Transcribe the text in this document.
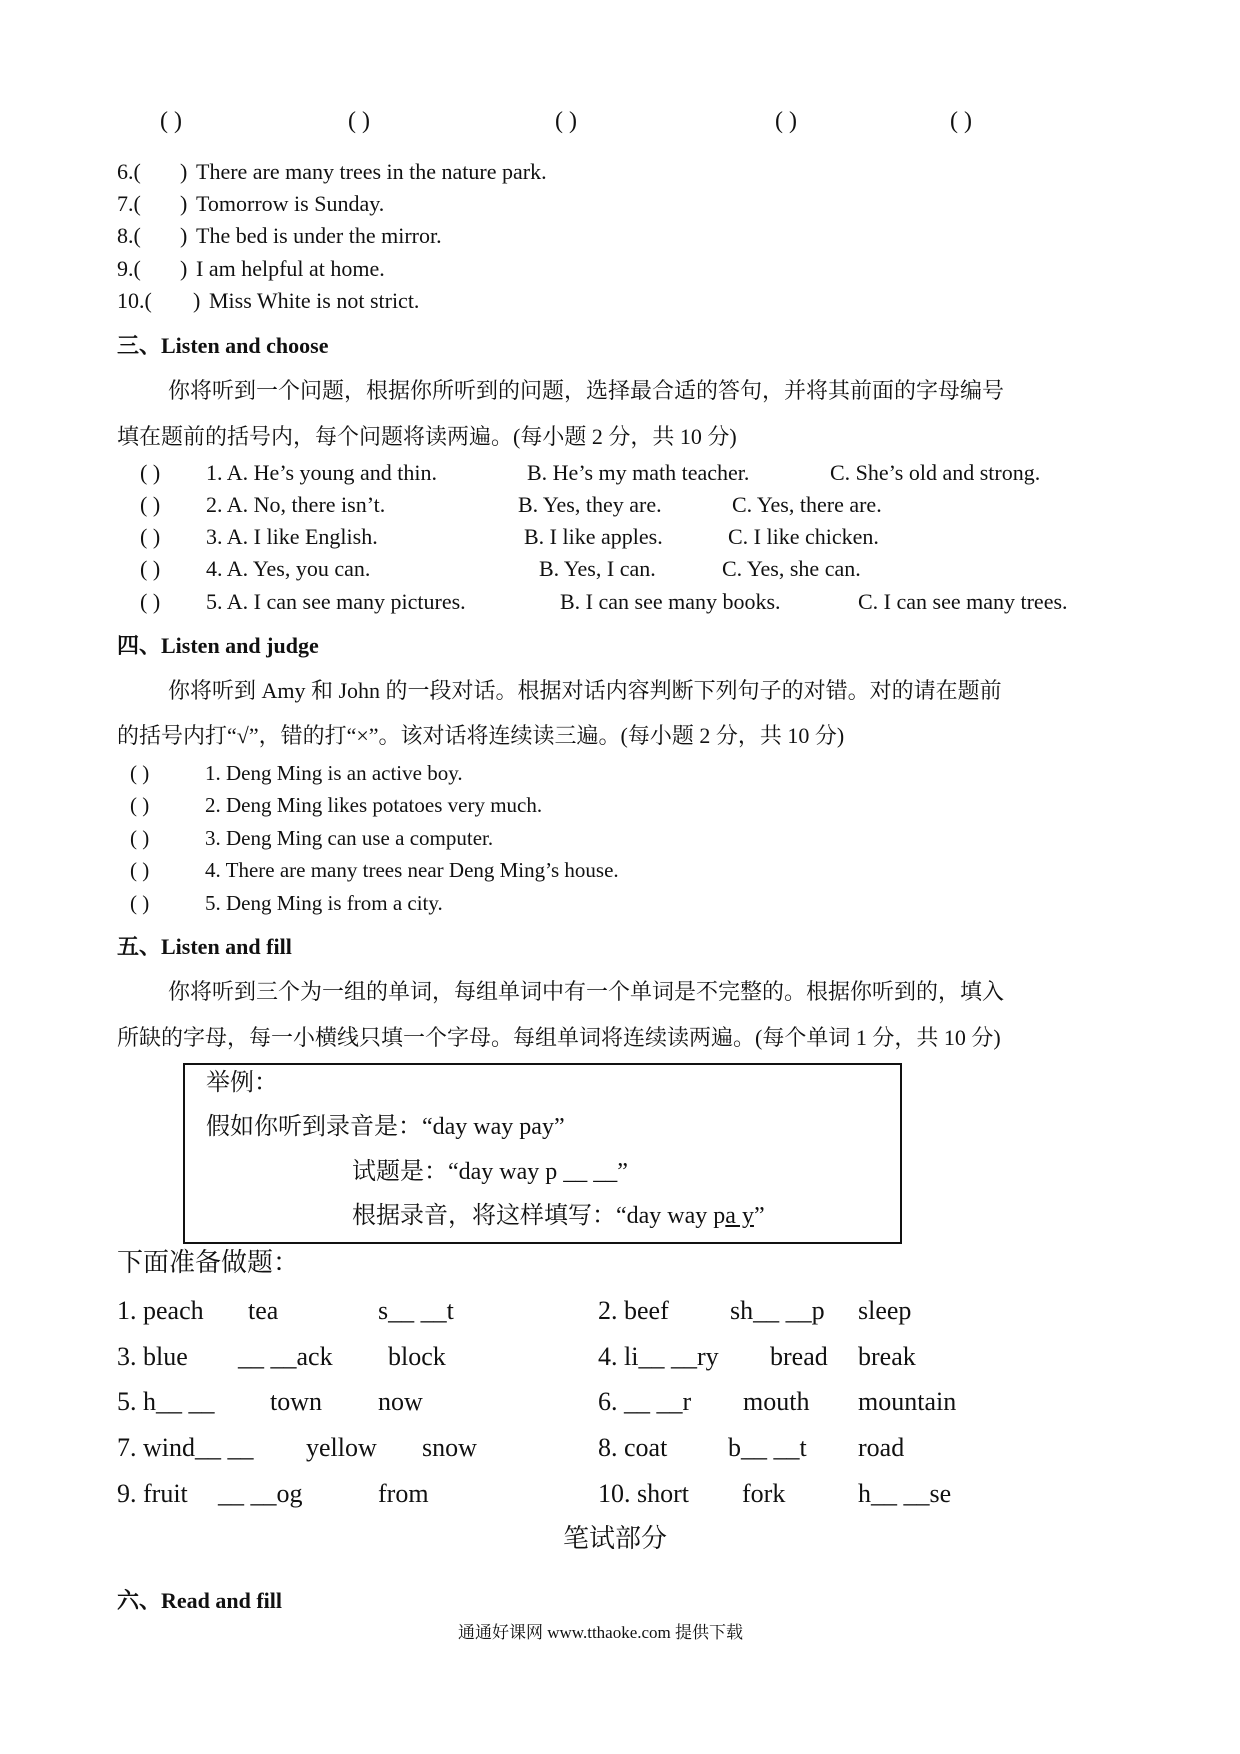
( )	( )	( )	( )	( )
6.( ) There are many trees in the nature park.
7.( ) Tomorrow is Sunday.
8.( ) The bed is under the mirror.
9.( ) I am helpful at home.
10.( ) Miss White is not strict.
三、Listen and choose
你将听到一个问题，根据你所听到的问题，选择最合适的答句，并将其前面的字母编号
填在题前的括号内，每个问题将读两遍。(每小题 2 分，共 10 分)
( ) 1. A. He’s young and thin.	B. He’s my math teacher.	C. She’s old and strong.
( ) 2. A. No, there isn’t.	B. Yes, they are.	C. Yes, there are.
( ) 3. A. I like English.	B. I like apples.	C. I like chicken.
( ) 4. A. Yes, you can.	B. Yes, I can.	C. Yes, she can.
( ) 5. A. I can see many pictures.	B. I can see many books.	C. I can see many trees.
四、Listen and judge
你将听到 Amy 和 John 的一段对话。根据对话内容判断下列句子的对错。对的请在题前
的括号内打“√”，错的打“×”。该对话将连续读三遍。(每小题 2 分，共 10 分)
( )	1. Deng Ming is an active boy.
( )	2. Deng Ming likes potatoes very much.
( )	3. Deng Ming can use a computer.
( )	4. There are many trees near Deng Ming’s house.
( )	5. Deng Ming is from a city.
五、Listen and fill
你将听到三个为一组的单词，每组单词中有一个单词是不完整的。根据你听到的，填入
所缺的字母，每一小横线只填一个字母。每组单词将连续读两遍。(每个单词 1 分，共 10 分)
举例：
假如你听到录音是：“day way pay”
试题是：“day way p __ __”
根据录音，将这样填写：“day way pa y”
下面准备做题：
1. peach tea	s__ __t	2. beef sh__ __p sleep
3. blue __ __ack block	4. li__ __ry bread break
5. h__ __ town now	6. __ __r mouth mountain
7. wind__ __ yellow snow	8. coat b__ __t road
9. fruit __ __og	from	10. short fork	h__ __se
笔试部分
六、Read and fill
通通好课网 www.tthaoke.com 提供下载
